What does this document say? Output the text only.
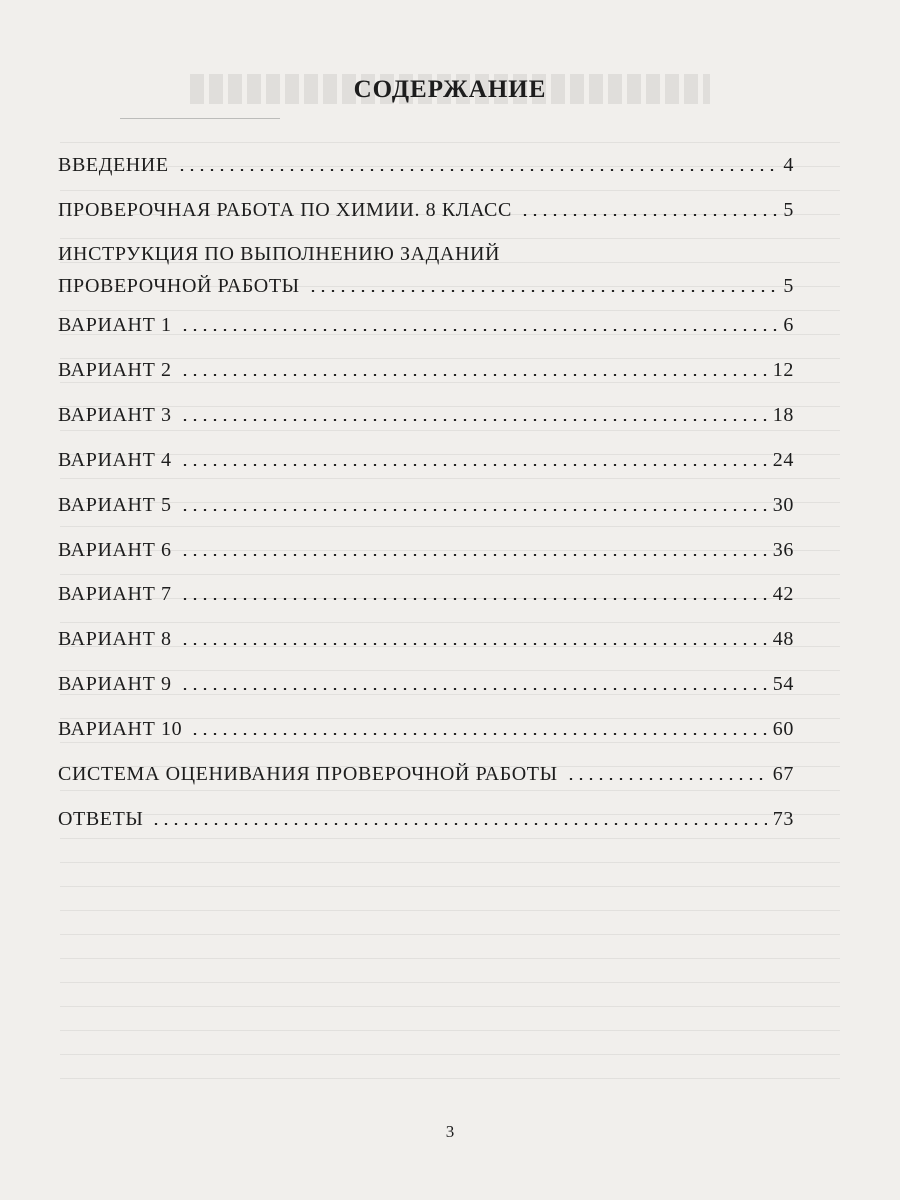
СОДЕРЖАНИЕ
ВВЕДЕНИЕ	4
ПРОВЕРОЧНАЯ РАБОТА ПО ХИМИИ. 8 КЛАСС	5
ИНСТРУКЦИЯ ПО ВЫПОЛНЕНИЮ ЗАДАНИЙ
ПРОВЕРОЧНОЙ РАБОТЫ	5
ВАРИАНТ 1	6
ВАРИАНТ 2	12
ВАРИАНТ 3	18
ВАРИАНТ 4	24
ВАРИАНТ 5	30
ВАРИАНТ 6	36
ВАРИАНТ 7	42
ВАРИАНТ 8	48
ВАРИАНТ 9	54
ВАРИАНТ 10	60
СИСТЕМА ОЦЕНИВАНИЯ ПРОВЕРОЧНОЙ РАБОТЫ	67
ОТВЕТЫ	73
3
